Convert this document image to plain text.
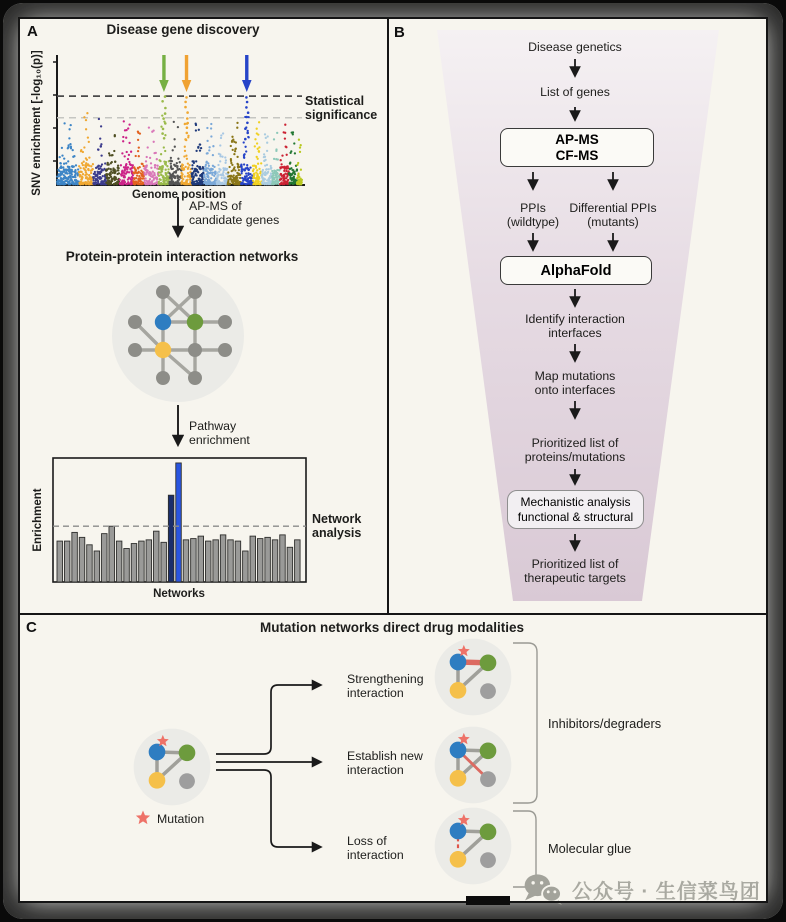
A	B
C
Disease gene discovery
Genome position
SNV enrichment [-log₁₀(p)]	Statistical
significance
AP-MS of
candidate genes
Protein-protein interaction networks
Pathway
enrichment
Networks
Enrichment	Network
analysis
Disease genetics
List of genes
AP-MS
CF-MS
PPIs
(wildtype)
Differential PPIs
(mutants)
AlphaFold
Identify interaction
interfaces
Map mutations
onto interfaces
Prioritized list of
proteins/mutations
Mechanistic analysis
functional & structural
Prioritized list of
therapeutic targets
Mutation networks direct drug modalities
Mutation
Strengthening
interaction
Establish new
interaction
Loss of
interaction
Inhibitors/degraders
Molecular glue
公众号 · 生信菜鸟团
